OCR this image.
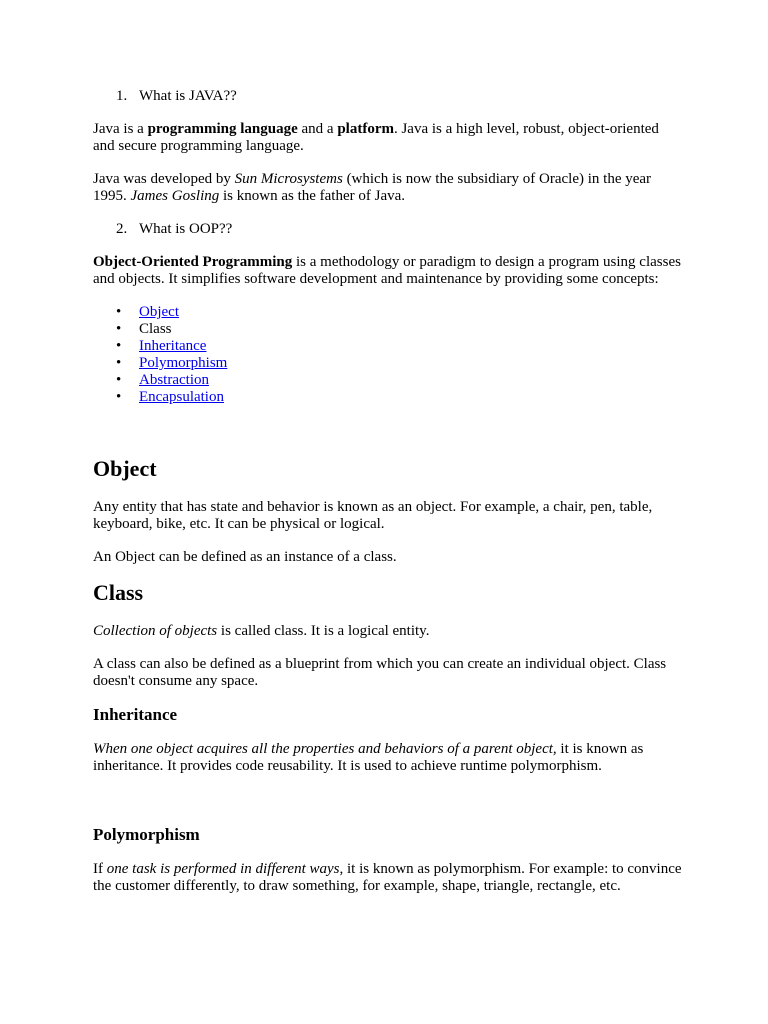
1. What is JAVA??

Java is a programming language and a platform. Java is a high level, robust, object-oriented and secure programming language.

Java was developed by Sun Microsystems (which is now the subsidiary of Oracle) in the year 1995. James Gosling is known as the father of Java.

2. What is OOP??

Object-Oriented Programming is a methodology or paradigm to design a program using classes and objects. It simplifies software development and maintenance by providing some concepts:

• Object
• Class
• Inheritance
• Polymorphism
• Abstraction
• Encapsulation
Object

Any entity that has state and behavior is known as an object. For example, a chair, pen, table, keyboard, bike, etc. It can be physical or logical.

An Object can be defined as an instance of a class.

Class

Collection of objects is called class. It is a logical entity.

A class can also be defined as a blueprint from which you can create an individual object. Class doesn't consume any space.

Inheritance

When one object acquires all the properties and behaviors of a parent object, it is known as inheritance. It provides code reusability. It is used to achieve runtime polymorphism.

Polymorphism

If one task is performed in different ways, it is known as polymorphism. For example: to convince the customer differently, to draw something, for example, shape, triangle, rectangle, etc.
